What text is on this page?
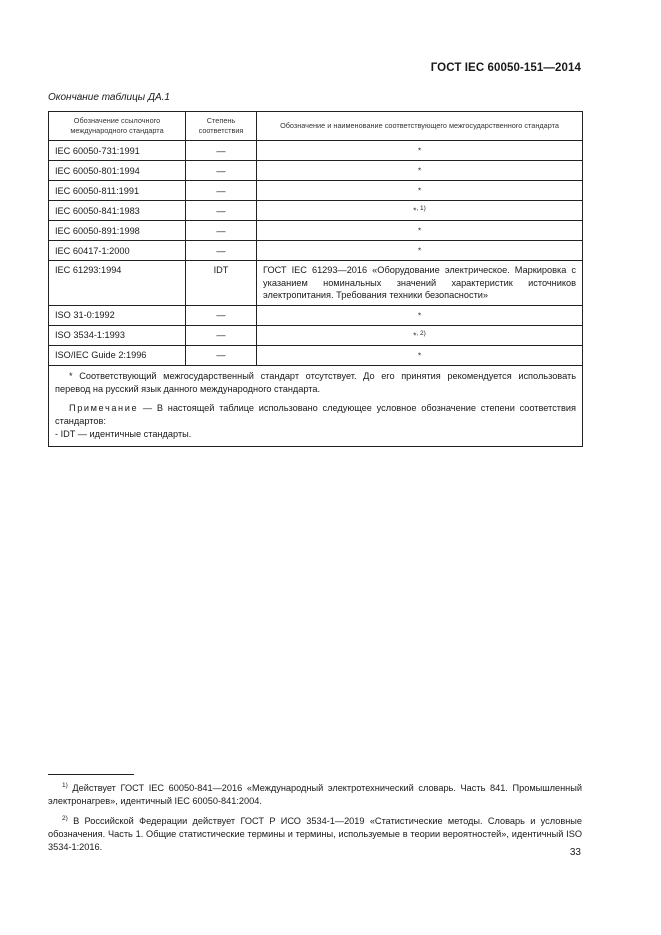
ГОСТ IEC 60050-151—2014
Окончание таблицы ДА.1
Обозначение ссылочного международного стандарта	Степень соответствия	Обозначение и наименование соответствующего межгосударственного стандарта
IEC 60050-731:1991	—	*
IEC 60050-801:1994	—	*
IEC 60050-811:1991	—	*
IEC 60050-841:1983	—	*$^{, 1)}$
IEC 60050-891:1998	—	*
IEC 60417-1:2000	—	*
IEC 61293:1994	IDT	ГОСТ IEC 61293—2016 «Оборудование электрическое. Маркировка с указанием номинальных значений характеристик источников электропитания. Требования техники безопасности»
ISO 31-0:1992	—	*
ISO 3534-1:1993	—	*$^{, 2)}$
ISO/IEC Guide 2:1996	—	*

* Соответствующий межгосударственный стандарт отсутствует. До его принятия рекомендуется использовать перевод на русский язык данного международного стандарта.

Примечание — В настоящей таблице использовано следующее условное обозначение степени соответствия стандартов:

- IDT — идентичные стандарты.		

$^{1)}$ Действует ГОСТ IEC 60050-841—2016 «Международный электротехнический словарь. Часть 841. Промышленный электронагрев», идентичный IEC 60050-841:2004.

$^{2)}$ В Российской Федерации действует ГОСТ Р ИСО 3534-1—2019 «Статистические методы. Словарь и условные обозначения. Часть 1. Общие статистические термины и термины, используемые в теории вероятностей», идентичный ISO 3534-1:2016.	33
